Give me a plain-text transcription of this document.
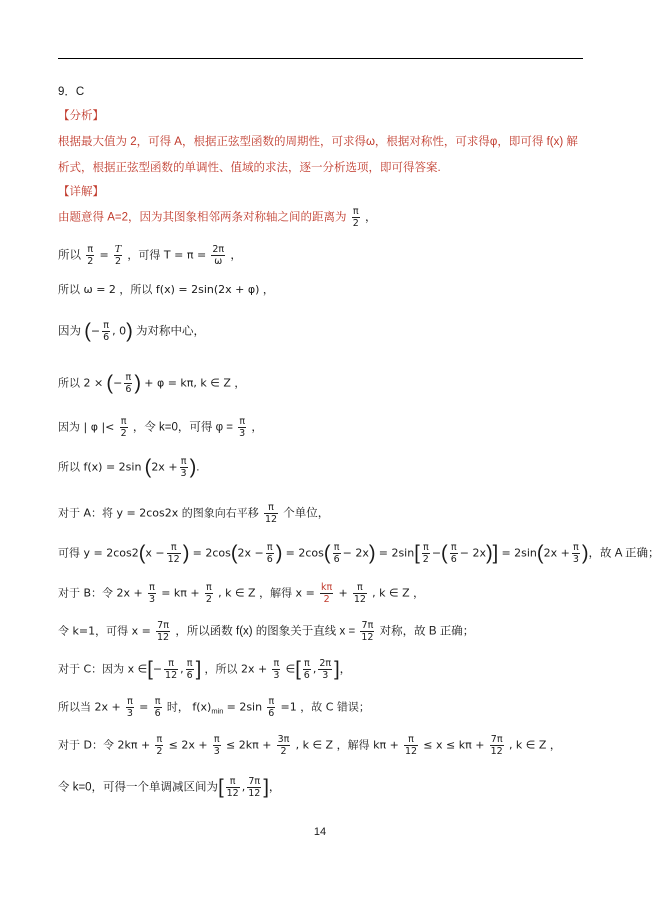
9．C
【分析】
根据最大值为 2，可得 A，根据正弦型函数的周期性，可求得ω，根据对称性，可求得φ，即可得 f(x) 解
析式，根据正弦型函数的单调性、值域的求法，逐一分析选项，即可得答案.
【详解】
由题意得 A=2，因为其图象相邻两条对称轴之间的距离为 $\frac{\pi}{2}$ ，
所以 $\frac{\pi}{2} = \frac{T}{2}$ ，可得 $T = \pi = \frac{2\pi}{\omega}$ ，
所以 ω = 2 ，所以 f(x) = 2sin(2x + φ) ，
因为 (− $\frac{\pi}{6}$ , 0) 为对称中心，
所以 2 × (− $\frac{\pi}{6}$ ) + φ = kπ, k ∈ Z ，
因为 | φ |< $\frac{\pi}{2}$ ，令 k=0，可得 $\varphi = \frac{\pi}{3}$ ，
所以 f(x) = 2sin ($2x + \frac{\pi}{3}$ ).
对于 A：将 y = 2cos2x 的图象向右平移 $\frac{\pi}{12}$ 个单位，
可得 $y = 2\cos 2(x - \frac{\pi}{12}$ ) = $2\cos(2x - \frac{\pi}{6}$ ) = $2\cos( \frac{\pi}{6} - 2x) = 2\sin[ \frac{\pi}{2}$ −( $\frac{\pi}{6} - 2x)] = 2\sin(2x + \frac{\pi}{3}$ )，故 A 正确；
对于 B：令 $2x + \frac{\pi}{3} = k\pi + \frac{\pi}{2}$ , k ∈ Z ，解得 $x = \frac{k\pi}{2} + \frac{\pi}{12}$ , k ∈ Z ，
令 k=1，可得 $x = \frac{7\pi}{12}$ ，所以函数 f(x) 的图象关于直线 $x = \frac{7\pi}{12}$ 对称，故 B 正确；
对于 C：因为 x ∈[− $\frac{\pi}{12}$ , $\frac{\pi}{6}$ ] ，所以 $2x + \frac{\pi}{3}$ ∈[ $\frac{\pi}{6}$ , $\frac{2\pi}{3}$ ]，
所以当 $2x + \frac{\pi}{3} = \frac{\pi}{6}$ 时， $f(x)_{min} = 2\sin \frac{\pi}{6} =1$ ，故 C 错误；
对于 D：令 $2k\pi + \frac{\pi}{2} \le 2x + \frac{\pi}{3} \le 2k\pi + \frac{3\pi}{2}$ , k ∈ Z ，解得 $k\pi + \frac{\pi}{12} \le x \le k\pi + \frac{7\pi}{12}$ , k ∈ Z ，
令 k=0，可得一个单调减区间为[ $\frac{\pi}{12}$ , $\frac{7\pi}{12}$ ]，
14
